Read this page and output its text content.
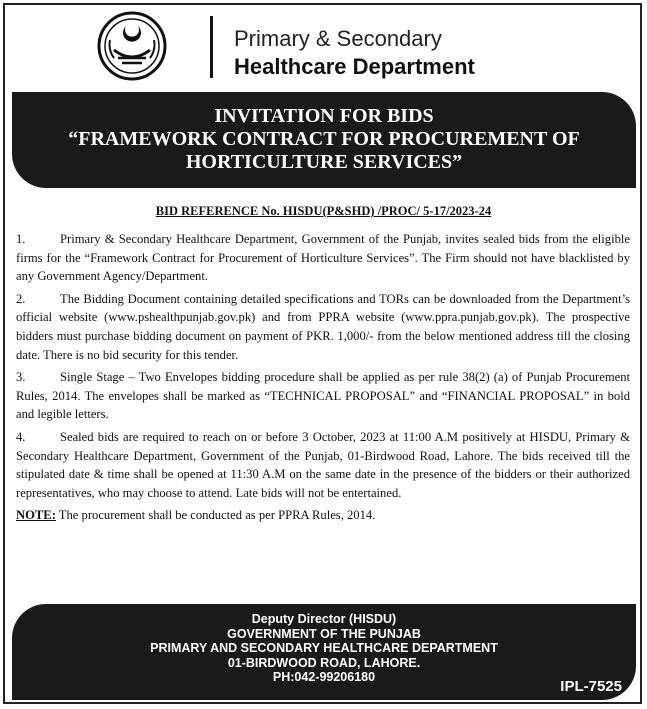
Primary & Secondary
Healthcare Department
INVITATION FOR BIDS
“FRAMEWORK CONTRACT FOR PROCUREMENT OF
HORTICULTURE SERVICES”
BID REFERENCE No. HISDU(P&SHD) /PROC/ 5-17/2023-24

1.	Primary & Secondary Healthcare Department, Government of the Punjab, invites sealed bids from the eligible firms for the “Framework Contract for Procurement of Horticulture Services”. The Firm should not have blacklisted by any Government Agency/Department.

2.	The Bidding Document containing detailed specifications and TORs can be downloaded from the Department’s official website (www.pshealthpunjab.gov.pk) and from PPRA website (www.ppra.punjab.gov.pk). The prospective bidders must purchase bidding document on payment of PKR. 1,000/- from the below mentioned address till the closing date. There is no bid security for this tender.

3.	Single Stage – Two Envelopes bidding procedure shall be applied as per rule 38(2) (a) of Punjab Procurement Rules, 2014. The envelopes shall be marked as “TECHNICAL PROPOSAL” and “FINANCIAL PROPOSAL” in bold and legible letters.

4.	Sealed bids are required to reach on or before 3 October, 2023 at 11:00 A.M positively at HISDU, Primary & Secondary Healthcare Department, Government of the Punjab, 01-Birdwood Road, Lahore. The bids received till the stipulated date & time shall be opened at 11:30 A.M on the same date in the presence of the bidders or their authorized representatives, who may choose to attend. Late bids will not be entertained.

NOTE: The procurement shall be conducted as per PPRA Rules, 2014.

Deputy Director (HISDU)
GOVERNMENT OF THE PUNJAB
PRIMARY AND SECONDARY HEALTHCARE DEPARTMENT
01-BIRDWOOD ROAD, LAHORE.
PH:042-99206180
IPL-7525
